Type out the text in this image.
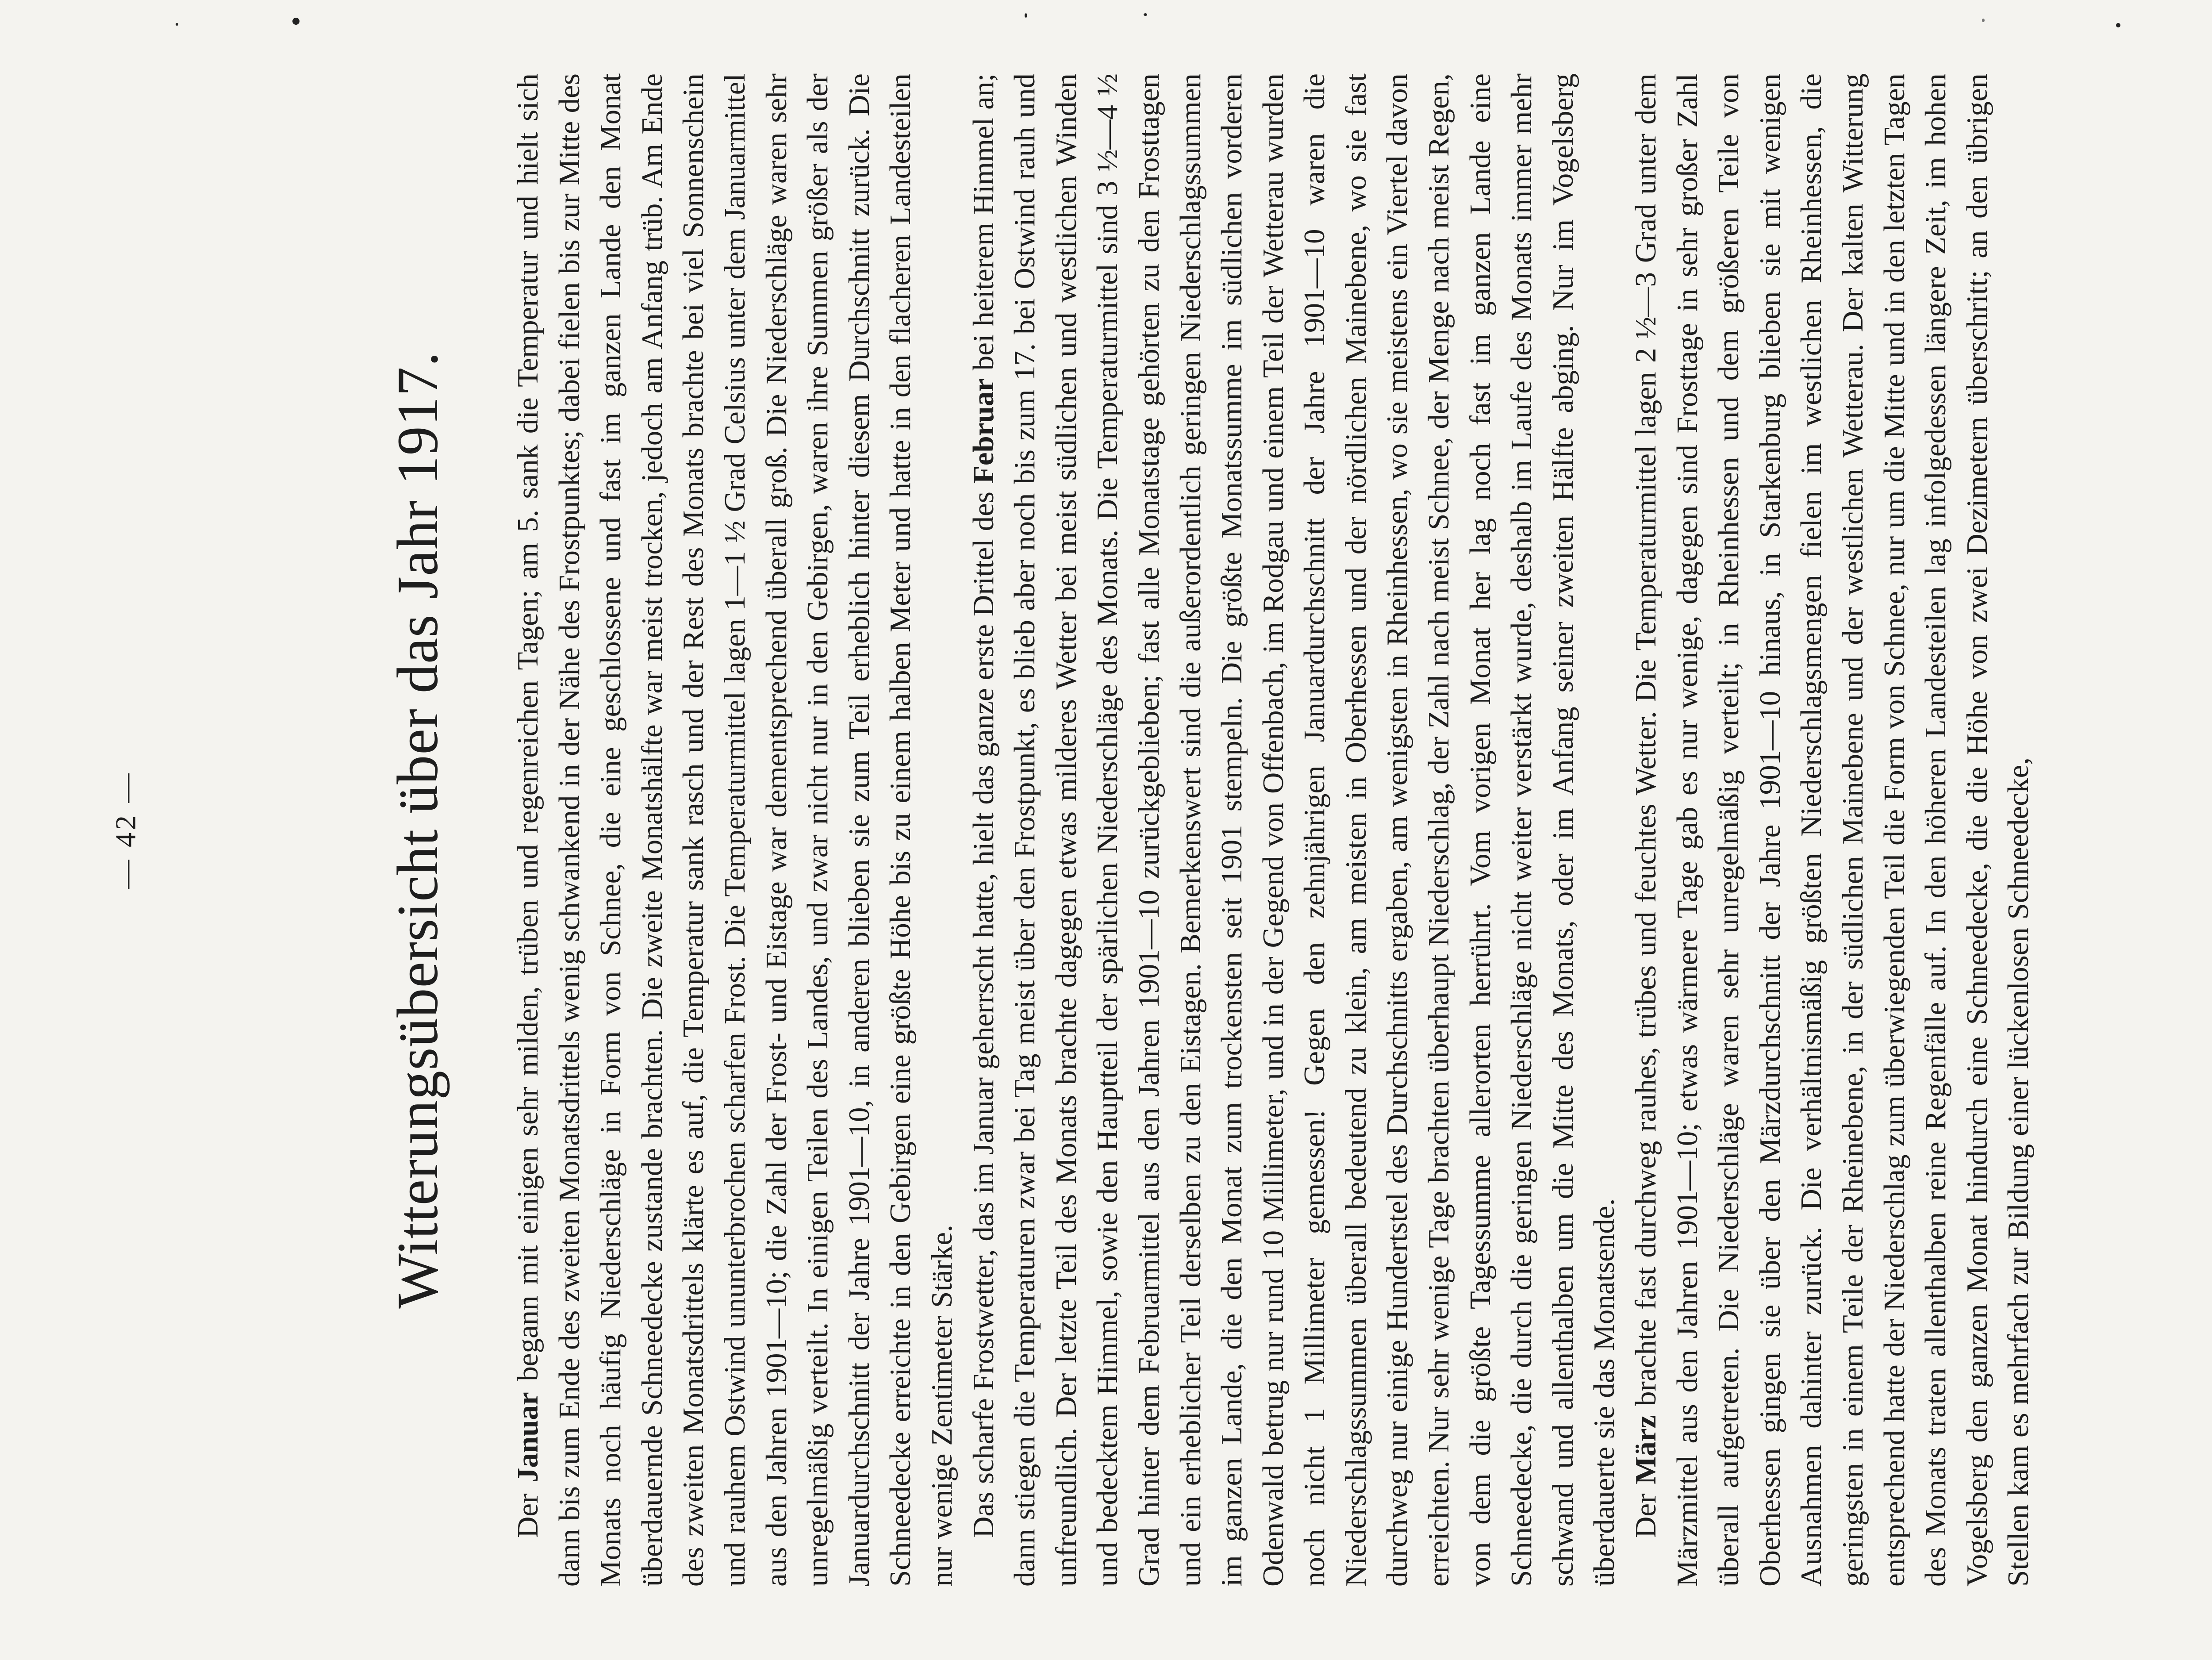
— 42 —	Witterungsübersicht über das Jahr 1917.

Der Januar begann mit einigen sehr milden, trüben und regenreichen Tagen; am 5. sank die Temperatur und hielt sich dann bis zum Ende des zweiten Monatsdrittels wenig schwankend in der Nähe des Frostpunktes; dabei fielen bis zur Mitte des Monats noch häufig Niederschläge in Form von Schnee, die eine geschlossene und fast im ganzen Lande den Monat überdauernde Schneedecke zustande brachten. Die zweite Monatshälfte war meist trocken, jedoch am Anfang trüb. Am Ende des zweiten Monatsdrittels klärte es auf, die Temperatur sank rasch und der Rest des Monats brachte bei viel Sonnenschein und rauhem Ostwind ununterbrochen scharfen Frost. Die Temperaturmittel lagen 1—1 ½ Grad Celsius unter dem Januarmittel aus den Jahren 1901—10; die Zahl der Frost- und Eistage war dementsprechend überall groß. Die Niederschläge waren sehr unregelmäßig verteilt. In einigen Teilen des Landes, und zwar nicht nur in den Gebirgen, waren ihre Summen größer als der Januardurchschnitt der Jahre 1901—10, in anderen blieben sie zum Teil erheblich hinter diesem Durchschnitt zurück. Die Schneedecke erreichte in den Gebirgen eine größte Höhe bis zu einem halben Meter und hatte in den flacheren Landesteilen nur wenige Zentimeter Stärke. Das scharfe Frostwetter, das im Januar geherrscht hatte, hielt das ganze erste Drittel des Februar bei heiterem Himmel an; dann stiegen die Temperaturen zwar bei Tag meist über den Frostpunkt, es blieb aber noch bis zum 17. bei Ostwind rauh und unfreundlich. Der letzte Teil des Monats brachte dagegen etwas milderes Wetter bei meist südlichen und westlichen Winden und bedecktem Himmel, sowie den Hauptteil der spärlichen Niederschläge des Monats. Die Temperaturmittel sind 3 ½—4 ½ Grad hinter dem Februarmittel aus den Jahren 1901—10 zurückgeblieben; fast alle Monatstage gehörten zu den Frosttagen und ein erheblicher Teil derselben zu den Eistagen. Bemerkenswert sind die außerordentlich geringen Niederschlagssummen im ganzen Lande, die den Monat zum trockensten seit 1901 stempeln. Die größte Monatssumme im südlichen vorderen Odenwald betrug nur rund 10 Millimeter, und in der Gegend von Offenbach, im Rodgau und einem Teil der Wetterau wurden noch nicht 1 Millimeter gemessen! Gegen den zehnjährigen Januardurchschnitt der Jahre 1901—10 waren die Niederschlagssummen überall bedeutend zu klein, am meisten in Oberhessen und der nördlichen Mainebene, wo sie fast durchweg nur einige Hundertstel des Durchschnitts ergaben, am wenigsten in Rheinhessen, wo sie meistens ein Viertel davon erreichten. Nur sehr wenige Tage brachten überhaupt Niederschlag, der Zahl nach meist Schnee, der Menge nach meist Regen, von dem die größte Tagessumme allerorten herrührt. Vom vorigen Monat her lag noch fast im ganzen Lande eine Schneedecke, die durch die geringen Niederschläge nicht weiter verstärkt wurde, deshalb im Laufe des Monats immer mehr schwand und allenthalben um die Mitte des Monats, oder im Anfang seiner zweiten Hälfte abging. Nur im Vogelsberg überdauerte sie das Monatsende. Der März brachte fast durchweg rauhes, trübes und feuchtes Wetter. Die Temperaturmittel lagen 2 ½—3 Grad unter dem Märzmittel aus den Jahren 1901—10; etwas wärmere Tage gab es nur wenige, dagegen sind Frosttage in sehr großer Zahl überall aufgetreten. Die Niederschläge waren sehr unregelmäßig verteilt; in Rheinhessen und dem größeren Teile von Oberhessen gingen sie über den Märzdurchschnitt der Jahre 1901—10 hinaus, in Starkenburg blieben sie mit wenigen Ausnahmen dahinter zurück. Die verhältnismäßig größten Niederschlagsmengen fielen im westlichen Rheinhessen, die geringsten in einem Teile der Rheinebene, in der südlichen Mainebene und der westlichen Wetterau. Der kalten Witterung entsprechend hatte der Niederschlag zum überwiegenden Teil die Form von Schnee, nur um die Mitte und in den letzten Tagen des Monats traten allenthalben reine Regenfälle auf. In den höheren Landesteilen lag infolgedessen längere Zeit, im hohen Vogelsberg den ganzen Monat hindurch eine Schneedecke, die die Höhe von zwei Dezimetern überschritt; an den übrigen Stellen kam es mehrfach zur Bildung einer lückenlosen Schneedecke,
